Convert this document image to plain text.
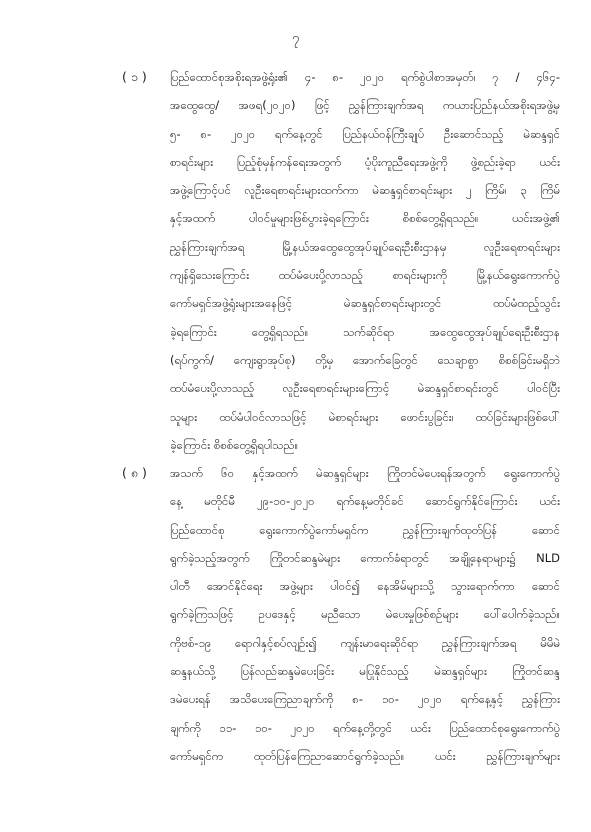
၇
( ၁ ) ပြည်ထောင်စုအစိုးရအဖွဲ့ရုံး၏ ၄- ၈- ၂၀၂၀ ရက်စွဲပါစာအမှတ်၊ ၇ / ၄၆၄-
အထွေထွေ/ အဖရ(၂၀၂၀) ဖြင့် ညွှန်ကြားချက်အရ ကယားပြည်နယ်အစိုးရအဖွဲ့မှ
၅- ၈- ၂၀၂၀ ရက်နေ့တွင် ပြည်နယ်ဝန်ကြီးချုပ် ဦးဆောင်သည့် မဲဆန္ဒရှင်
စာရင်းများ ပြည့်စုံမှန်ကန်ရေးအတွက် ပံ့ပိုးကူညီရေးအဖွဲ့ကို ဖွဲ့စည်းခဲ့ရာ ယင်း
အဖွဲ့ကြောင့်ပင် လူဦးရေစာရင်းများထက်ကာ မဲဆန္ဒရှင်စာရင်းများ ၂ ကြိမ်၊ ၃ ကြိမ်
နှင့်အထက် ပါဝင်မှုများဖြစ်ပွားခဲ့ရကြောင်း စိစစ်တွေ့ရှိရသည်။ ယင်းအဖွဲ့၏
ညွှန်ကြားချက်အရ မြို့နယ်အထွေထွေအုပ်ချုပ်ရေးဦးစီးဌာနမှ လူဦးရေစာရင်းများ
ကျန်ရှိသေးကြောင်း ထပ်မံပေးပို့လာသည့် စာရင်းများကို မြို့နယ်ရွေးကောက်ပွဲ
ကော်မရှင်အဖွဲ့ရုံးများအနေဖြင့် မဲဆန္ဒရှင်စာရင်းများတွင် ထပ်မံထည့်သွင်း
ခဲ့ရကြောင်း တွေ့ရှိရသည်။ သက်ဆိုင်ရာ အထွေထွေအုပ်ချုပ်ရေးဦးစီးဌာန
(ရပ်ကွက်/ ကျေးရွာအုပ်စု) တို့မှ အောက်ခြေတွင် သေချာစွာ စိစစ်ခြင်းမရှိဘဲ
ထပ်မံပေးပို့လာသည့် လူဦးရေစာရင်းများကြောင့် မဲဆန္ဒရှင်စာရင်းတွင် ပါဝင်ပြီး
သူများ ထပ်မံပါဝင်လာသဖြင့် မဲစာရင်းများ ဖောင်းပွခြင်း၊ ထပ်ခြင်းများဖြစ်ပေါ်
ခဲ့ကြောင်း စိစစ်တွေ့ရှိရပါသည်။
( ၈ ) အသက် ၆၀ နှင့်အထက် မဲဆန္ဒရှင်များ ကြိုတင်မဲပေးရန်အတွက် ရွေးကောက်ပွဲ
နေ့ မတိုင်မီ ၂၉-၁၀-၂၀၂၀ ရက်နေ့မတိုင်ခင် ဆောင်ရွက်နိုင်ကြောင်း ယင်း
ပြည်ထောင်စု ရွေးကောက်ပွဲကော်မရှင်က ညွှန်ကြားချက်ထုတ်ပြန် ဆောင်
ရွက်ခဲ့သည့်အတွက် ကြိုတင်ဆန္ဒမဲများ ကောက်ခံရာတွင် အချို့နေရာများ၌ NLD
ပါတီ အောင်နိုင်ရေး အဖွဲ့များ ပါဝင်၍ နေအိမ်များသို့ သွားရောက်ကာ ဆောင်
ရွက်ခဲ့ကြသဖြင့် ဥပဒေနှင့် မညီသော မဲပေးမှုဖြစ်စဉ်များ ပေါ်ပေါက်ခဲ့သည်။
ကိုဗစ်-၁၉ ရောဂါနှင့်စပ်လျဉ်း၍ ကျန်းမာရေးဆိုင်ရာ ညွှန်ကြားချက်အရ မိမိမဲ
ဆန္ဒနယ်သို့ ပြန်လည်ဆန္ဒမဲပေးခြင်း မပြုနိုင်သည့် မဲဆန္ဒရှင်များ ကြိုတင်ဆန္ဒ
ဒမဲပေးရန် အသိပေးကြေညာချက်ကို ၈- ၁၀- ၂၀၂၀ ရက်နေ့နှင့် ညွှန်ကြား
ချက်ကို ၁၁- ၁၀- ၂၀၂၀ ရက်နေ့တို့တွင် ယင်း ပြည်ထောင်စုရွေးကောက်ပွဲ
ကော်မရှင်က ထုတ်ပြန်ကြေညာဆောင်ရွက်ခဲ့သည်။ ယင်း ညွှန်ကြားချက်များ
